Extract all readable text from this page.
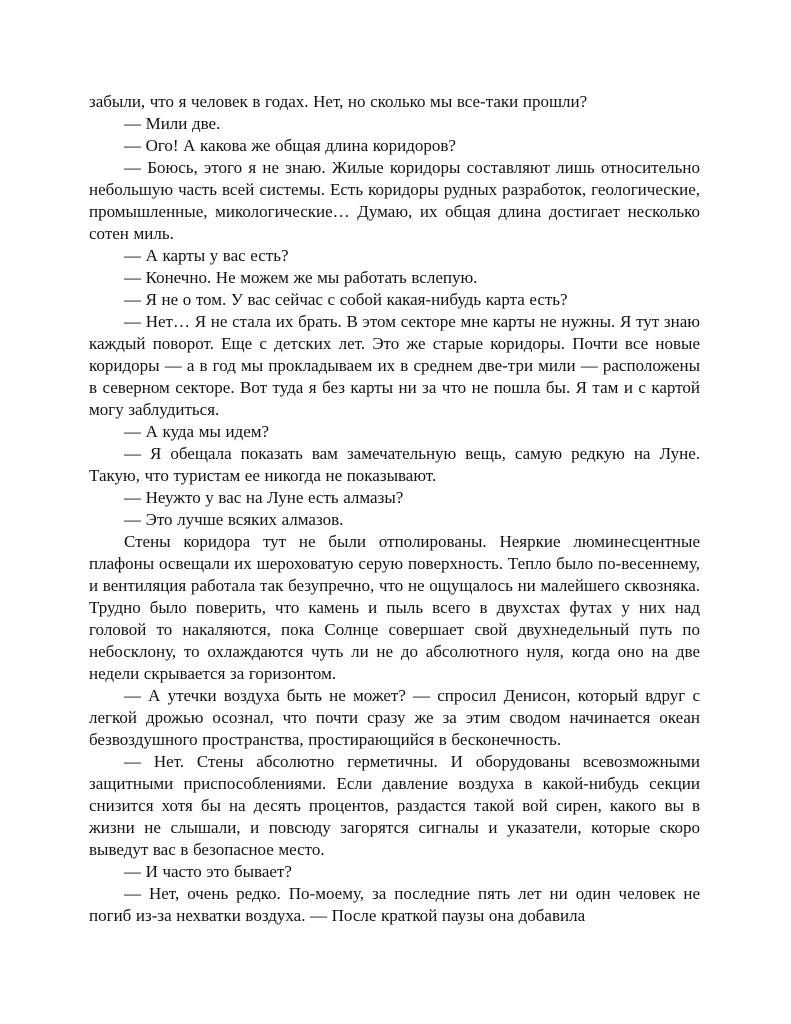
забыли, что я человек в годах. Нет, но сколько мы все-таки прошли?

— Мили две.

— Ого! А какова же общая длина коридоров?

— Боюсь, этого я не знаю. Жилые коридоры составляют лишь относительно небольшую часть всей системы. Есть коридоры рудных разработок, геологические, промышленные, микологические… Думаю, их общая длина достигает несколько сотен миль.

— А карты у вас есть?

— Конечно. Не можем же мы работать вслепую.

— Я не о том. У вас сейчас с собой какая-нибудь карта есть?

— Нет… Я не стала их брать. В этом секторе мне карты не нужны. Я тут знаю каждый поворот. Еще с детских лет. Это же старые коридоры. Почти все новые коридоры — а в год мы прокладываем их в среднем две-три мили — расположены в северном секторе. Вот туда я без карты ни за что не пошла бы. Я там и с картой могу заблудиться.

— А куда мы идем?

— Я обещала показать вам замечательную вещь, самую редкую на Луне. Такую, что туристам ее никогда не показывают.

— Неужто у вас на Луне есть алмазы?

— Это лучше всяких алмазов.

Стены коридора тут не были отполированы. Неяркие люминесцентные плафоны освещали их шероховатую серую поверхность. Тепло было по-весеннему, и вентиляция работала так безупречно, что не ощущалось ни малейшего сквозняка. Трудно было поверить, что камень и пыль всего в двухстах футах у них над головой то накаляются, пока Солнце совершает свой двухнедельный путь по небосклону, то охлаждаются чуть ли не до абсолютного нуля, когда оно на две недели скрывается за горизонтом.

— А утечки воздуха быть не может? — спросил Денисон, который вдруг с легкой дрожью осознал, что почти сразу же за этим сводом начинается океан безвоздушного пространства, простирающийся в бесконечность.

— Нет. Стены абсолютно герметичны. И оборудованы всевозможными защитными приспособлениями. Если давление воздуха в какой-нибудь секции снизится хотя бы на десять процентов, раздастся такой вой сирен, какого вы в жизни не слышали, и повсюду загорятся сигналы и указатели, которые скоро выведут вас в безопасное место.

— И часто это бывает?

— Нет, очень редко. По-моему, за последние пять лет ни один человек не погиб из-за нехватки воздуха. — После краткой паузы она добавила
